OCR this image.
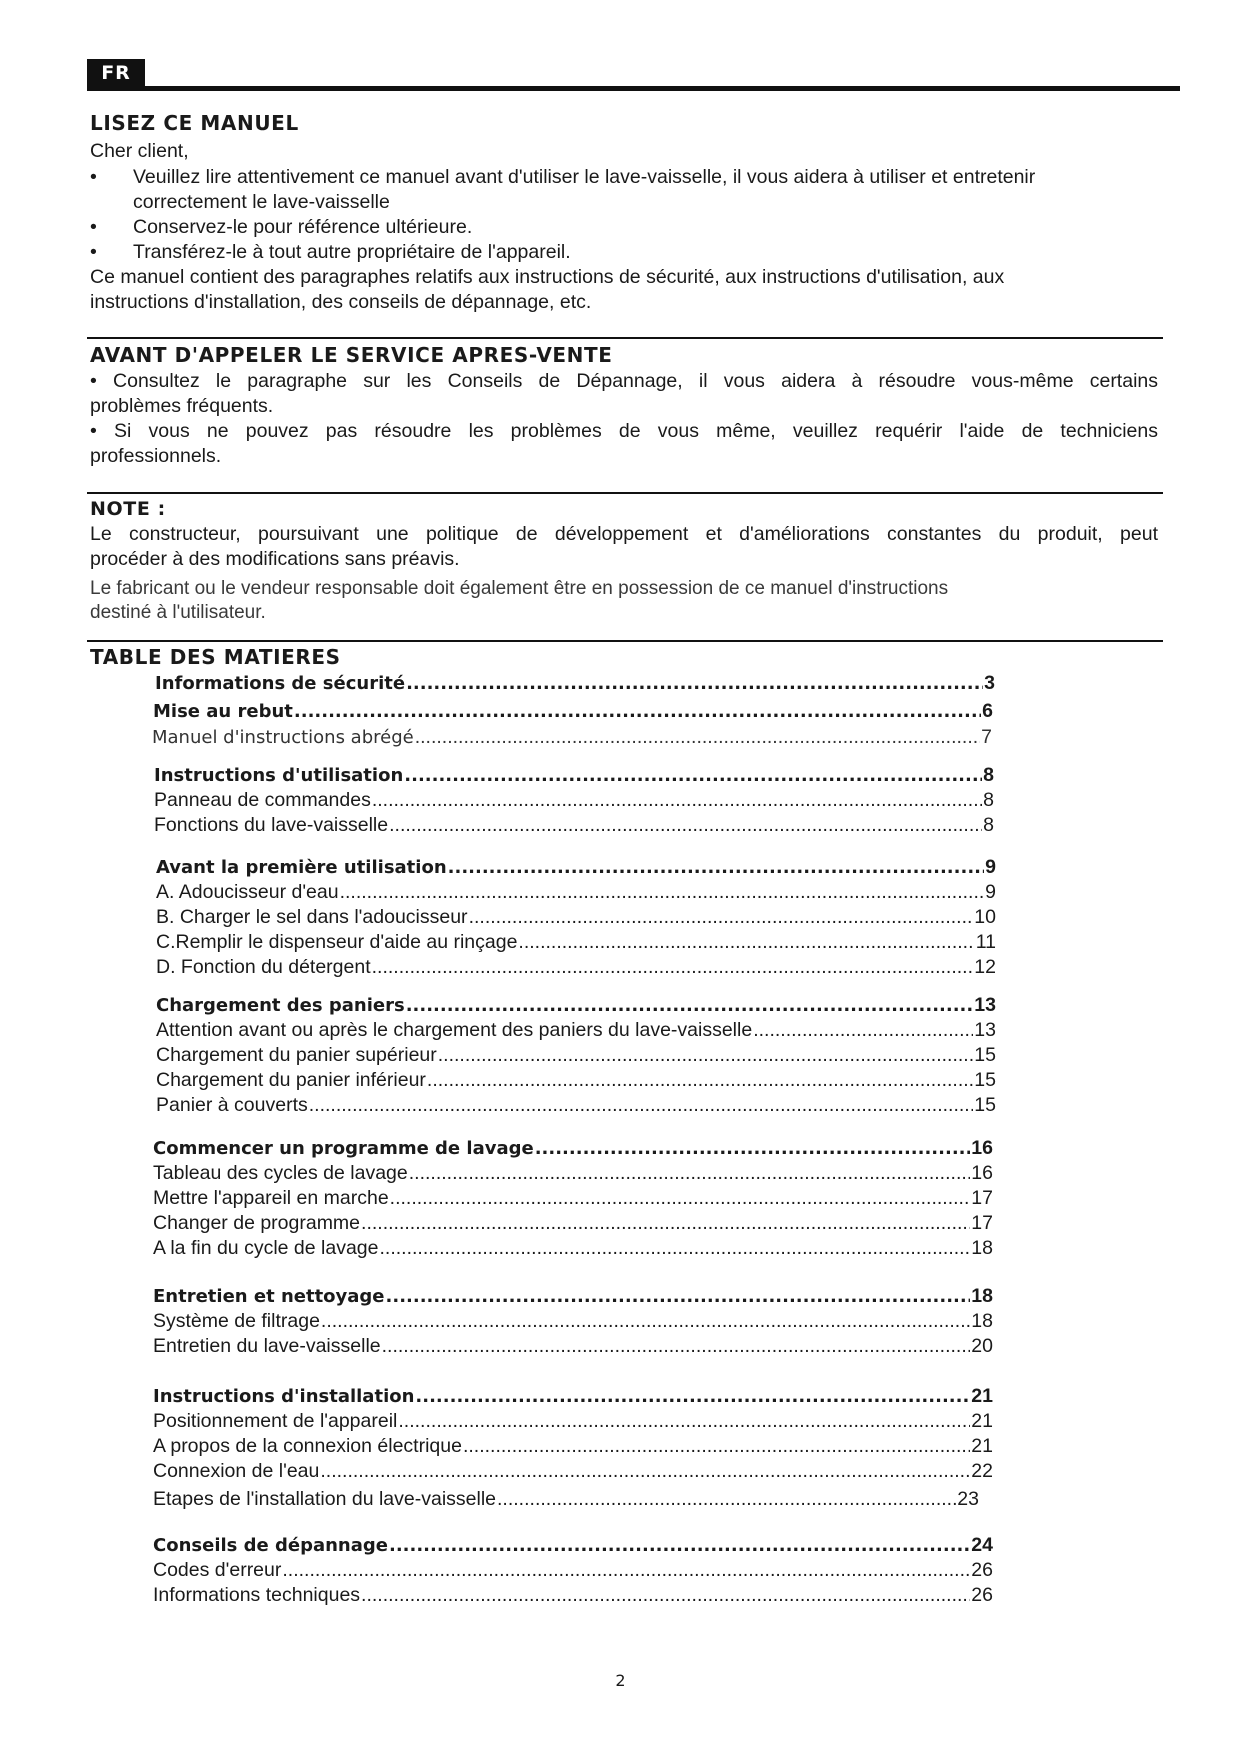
FR
LISEZ CE MANUEL
Cher client,
• Veuillez lire attentivement ce manuel avant d'utiliser le lave-vaisselle, il vous aidera à utiliser et entretenir
correctement le lave-vaisselle
• Conservez-le pour référence ultérieure.
• Transférez-le à tout autre propriétaire de l'appareil.
Ce manuel contient des paragraphes relatifs aux instructions de sécurité, aux instructions d'utilisation, aux
instructions d'installation, des conseils de dépannage, etc.
AVANT D'APPELER LE SERVICE APRES-VENTE
• Consultez le paragraphe sur les Conseils de Dépannage, il vous aidera à résoudre vous-même certains
problèmes fréquents.
• Si vous ne pouvez pas résoudre les problèmes de vous même, veuillez requérir l'aide de techniciens
professionnels.
NOTE :
Le constructeur, poursuivant une politique de développement et d'améliorations constantes du produit, peut
procéder à des modifications sans préavis.
Le fabricant ou le vendeur responsable doit également être en possession de ce manuel d'instructions
destiné à l'utilisateur.
TABLE DES MATIERES
Informations de sécurité .....	3
Mise au rebut .....	6
Manuel d'instructions abrégé .....	7
Instructions d'utilisation .....	8
Panneau de commandes .....	8
Fonctions du lave-vaisselle .....	8
Avant la première utilisation .....	9
A. Adoucisseur d'eau .....	9
B. Charger le sel dans l'adoucisseur .....	10
C.Remplir le dispenseur d'aide au rinçage .....	11
D. Fonction du détergent .....	12
Chargement des paniers .....	13
Attention avant ou après le chargement des paniers du lave-vaisselle .....	13
Chargement du panier supérieur .....	15
Chargement du panier inférieur .....	15
Panier à couverts .....	15
Commencer un programme de lavage .....	16
Tableau des cycles de lavage .....	16
Mettre l'appareil en marche .....	17
Changer de programme .....	17
A la fin du cycle de lavage .....	18
Entretien et nettoyage .....	18
Système de filtrage .....	18
Entretien du lave-vaisselle .....	20
Instructions d'installation .....	21
Positionnement de l'appareil .....	21
A propos de la connexion électrique .....	21
Connexion de l'eau .....	22
Etapes de l'installation du lave-vaisselle .....	23
Conseils de dépannage .....	24
Codes d'erreur .....	26
Informations techniques .....	26
2
